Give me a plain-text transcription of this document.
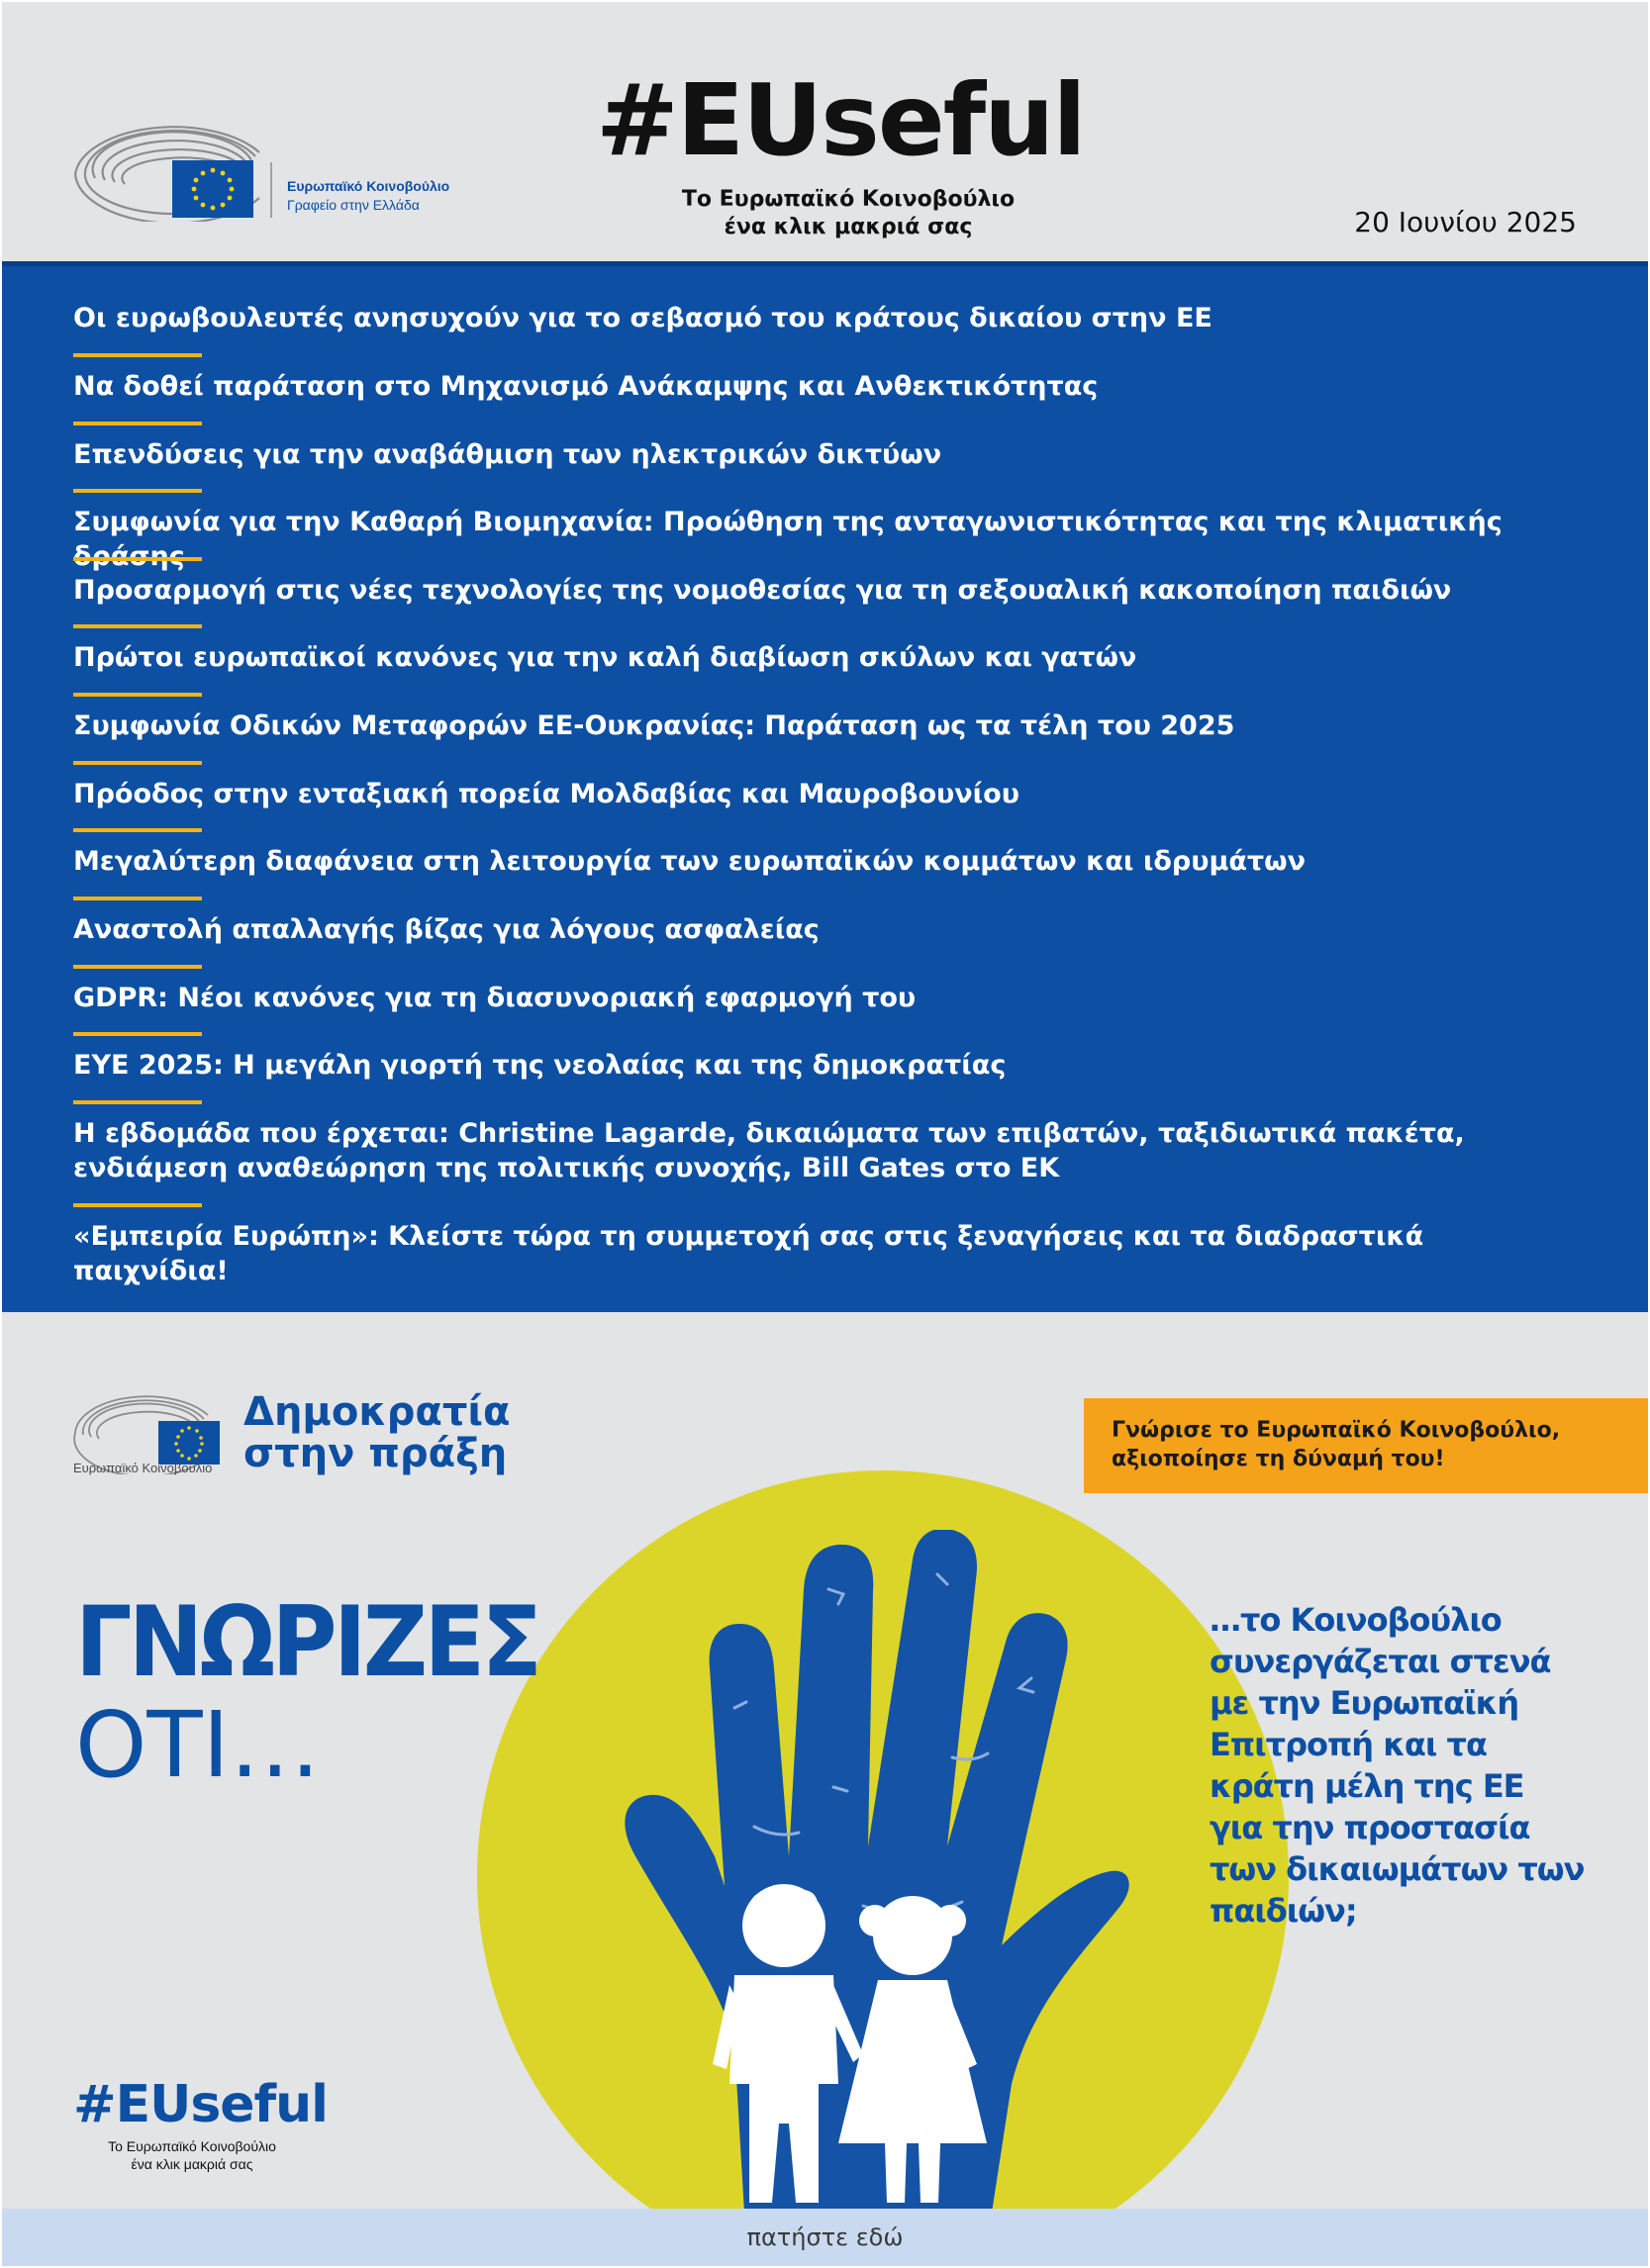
Ευρωπαϊκό Κοινοβούλιο
Γραφείο στην Ελλάδα
#EUseful
Το Ευρωπαϊκό Κοινοβούλιο
ένα κλικ μακριά σας	20 Ιουνίου 2025
Οι ευρωβουλευτές ανησυχούν για το σεβασμό του κράτους δικαίου στην ΕΕ
Να δοθεί παράταση στο Μηχανισμό Ανάκαμψης και Ανθεκτικότητας
Επενδύσεις για την αναβάθμιση των ηλεκτρικών δικτύων
Συμφωνία για την Καθαρή Βιομηχανία: Προώθηση της ανταγωνιστικότητας και της κλιματικής
Προσαρμογή στις νέες τεχνολογίες της νομοθεσίας για τη σεξουαλική κακοποίηση παιδιών
Πρώτοι ευρωπαϊκοί κανόνες για την καλή διαβίωση σκύλων και γατών
Συμφωνία Οδικών Μεταφορών ΕΕ-Ουκρανίας: Παράταση ως τα τέλη του 2025
Πρόοδος στην ενταξιακή πορεία Μολδαβίας και Μαυροβουνίου
Μεγαλύτερη διαφάνεια στη λειτουργία των ευρωπαϊκών κομμάτων και ιδρυμάτων
Αναστολή απαλλαγής βίζας για λόγους ασφαλείας
GDPR: Νέοι κανόνες για τη διασυνοριακή εφαρμογή του
EYE 2025: Η μεγάλη γιορτή της νεολαίας και της δημοκρατίας
Η εβδομάδα που έρχεται: Christine Lagarde, δικαιώματα των επιβατών, ταξιδιωτικά πακέτα, ενδιάμεση αναθεώρηση της πολιτικής συνοχής, Bill Gates στο ΕΚ
«Εμπειρία Ευρώπη»: Κλείστε τώρα τη συμμετοχή σας στις ξεναγήσεις και τα διαδραστικά παιχνίδια!
Ευρωπαϊκό Κοινοβούλιο
Δημοκρατία
στην πράξη
Γνώρισε το Ευρωπαϊκό Κοινοβούλιο,
αξιοποίησε τη δύναμή του!
ΓΝΩΡΙΖΕΣ
ΟΤΙ…
…το Κοινοβούλιο συνεργάζεται στενά με την Ευρωπαϊκή Επιτροπή και τα κράτη μέλη της ΕΕ για την προστασία των δικαιωμάτων των παιδιών;
#EUseful
Το Ευρωπαϊκό Κοινοβούλιο
ένα κλικ μακριά σας
πατήστε εδώ
